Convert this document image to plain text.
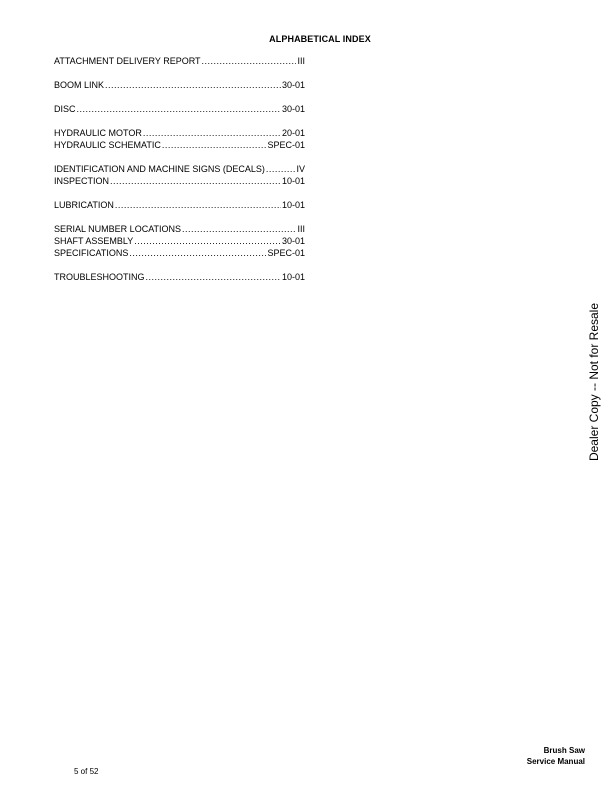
ALPHABETICAL INDEX
ATTACHMENT DELIVERY REPORT .....	III
BOOM LINK .....	30-01
DISC .....	30-01
HYDRAULIC MOTOR .....	20-01
HYDRAULIC SCHEMATIC .....	SPEC-01
IDENTIFICATION AND MACHINE SIGNS (DECALS) .....	IV
INSPECTION .....	10-01
LUBRICATION .....	10-01
SERIAL NUMBER LOCATIONS .....	III
SHAFT ASSEMBLY .....	30-01
SPECIFICATIONS .....	SPEC-01
TROUBLESHOOTING .....	10-01
Dealer Copy -- Not for Resale
Brush Saw
Service Manual
5 of 52
